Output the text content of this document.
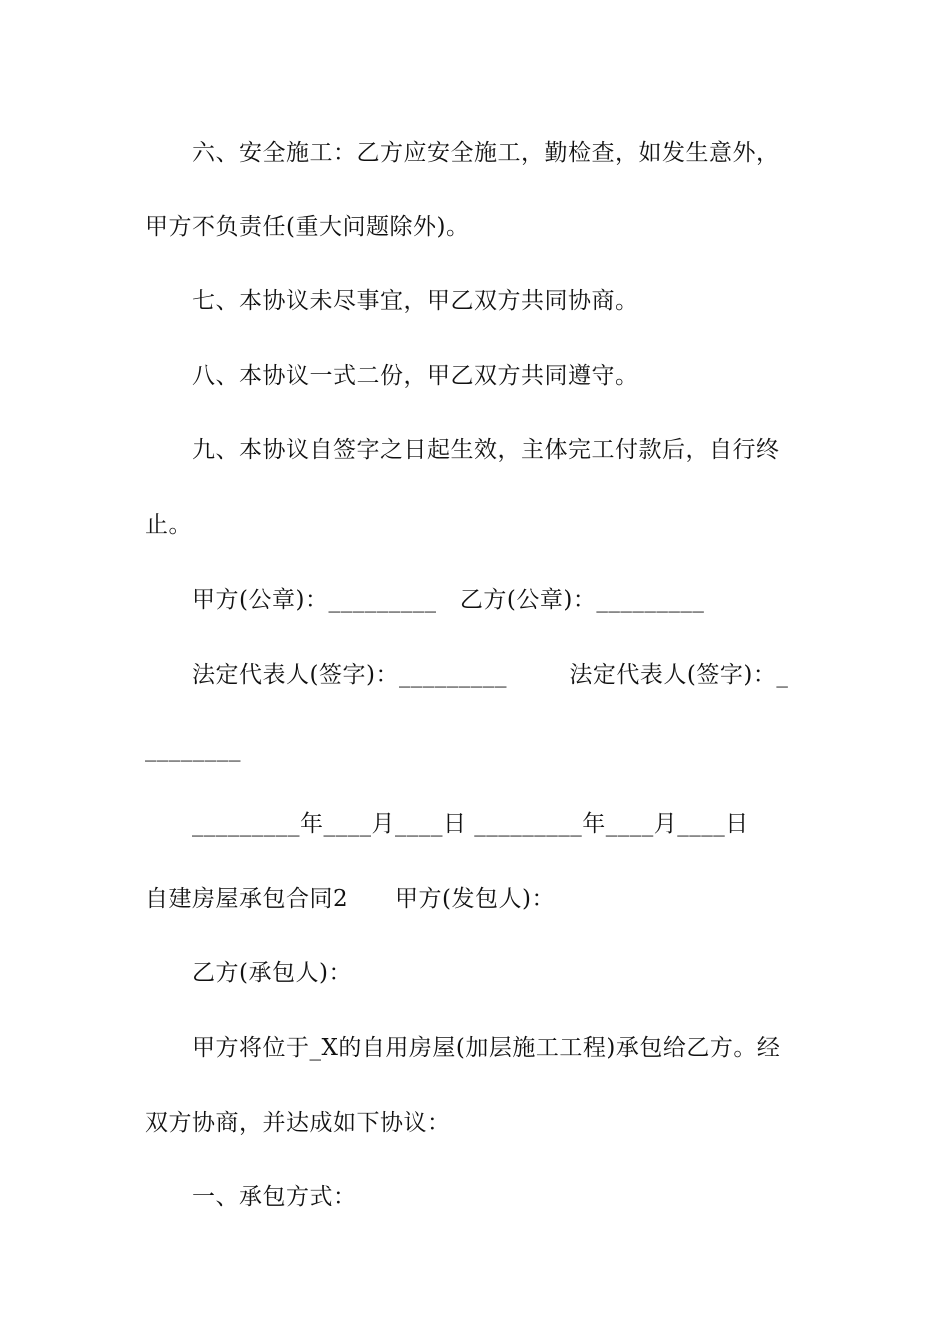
六、安全施工：乙方应安全施工，勤检查，如发生意外，
甲方不负责任(重大问题除外)。
七、本协议未尽事宜，甲乙双方共同协商。
八、本协议一式二份，甲乙双方共同遵守。
九、本协议自签字之日起生效，主体完工付款后，自行终
止。
甲方(公章)：_________   乙方(公章)：_________
法定代表人(签字)：_________        法定代表人(签字)：_
________
_________年____月____日 _________年____月____日
自建房屋承包合同2      甲方(发包人)：
乙方(承包人)：
甲方将位于_X的自用房屋(加层施工工程)承包给乙方。经
双方协商，并达成如下协议：
一、承包方式：
